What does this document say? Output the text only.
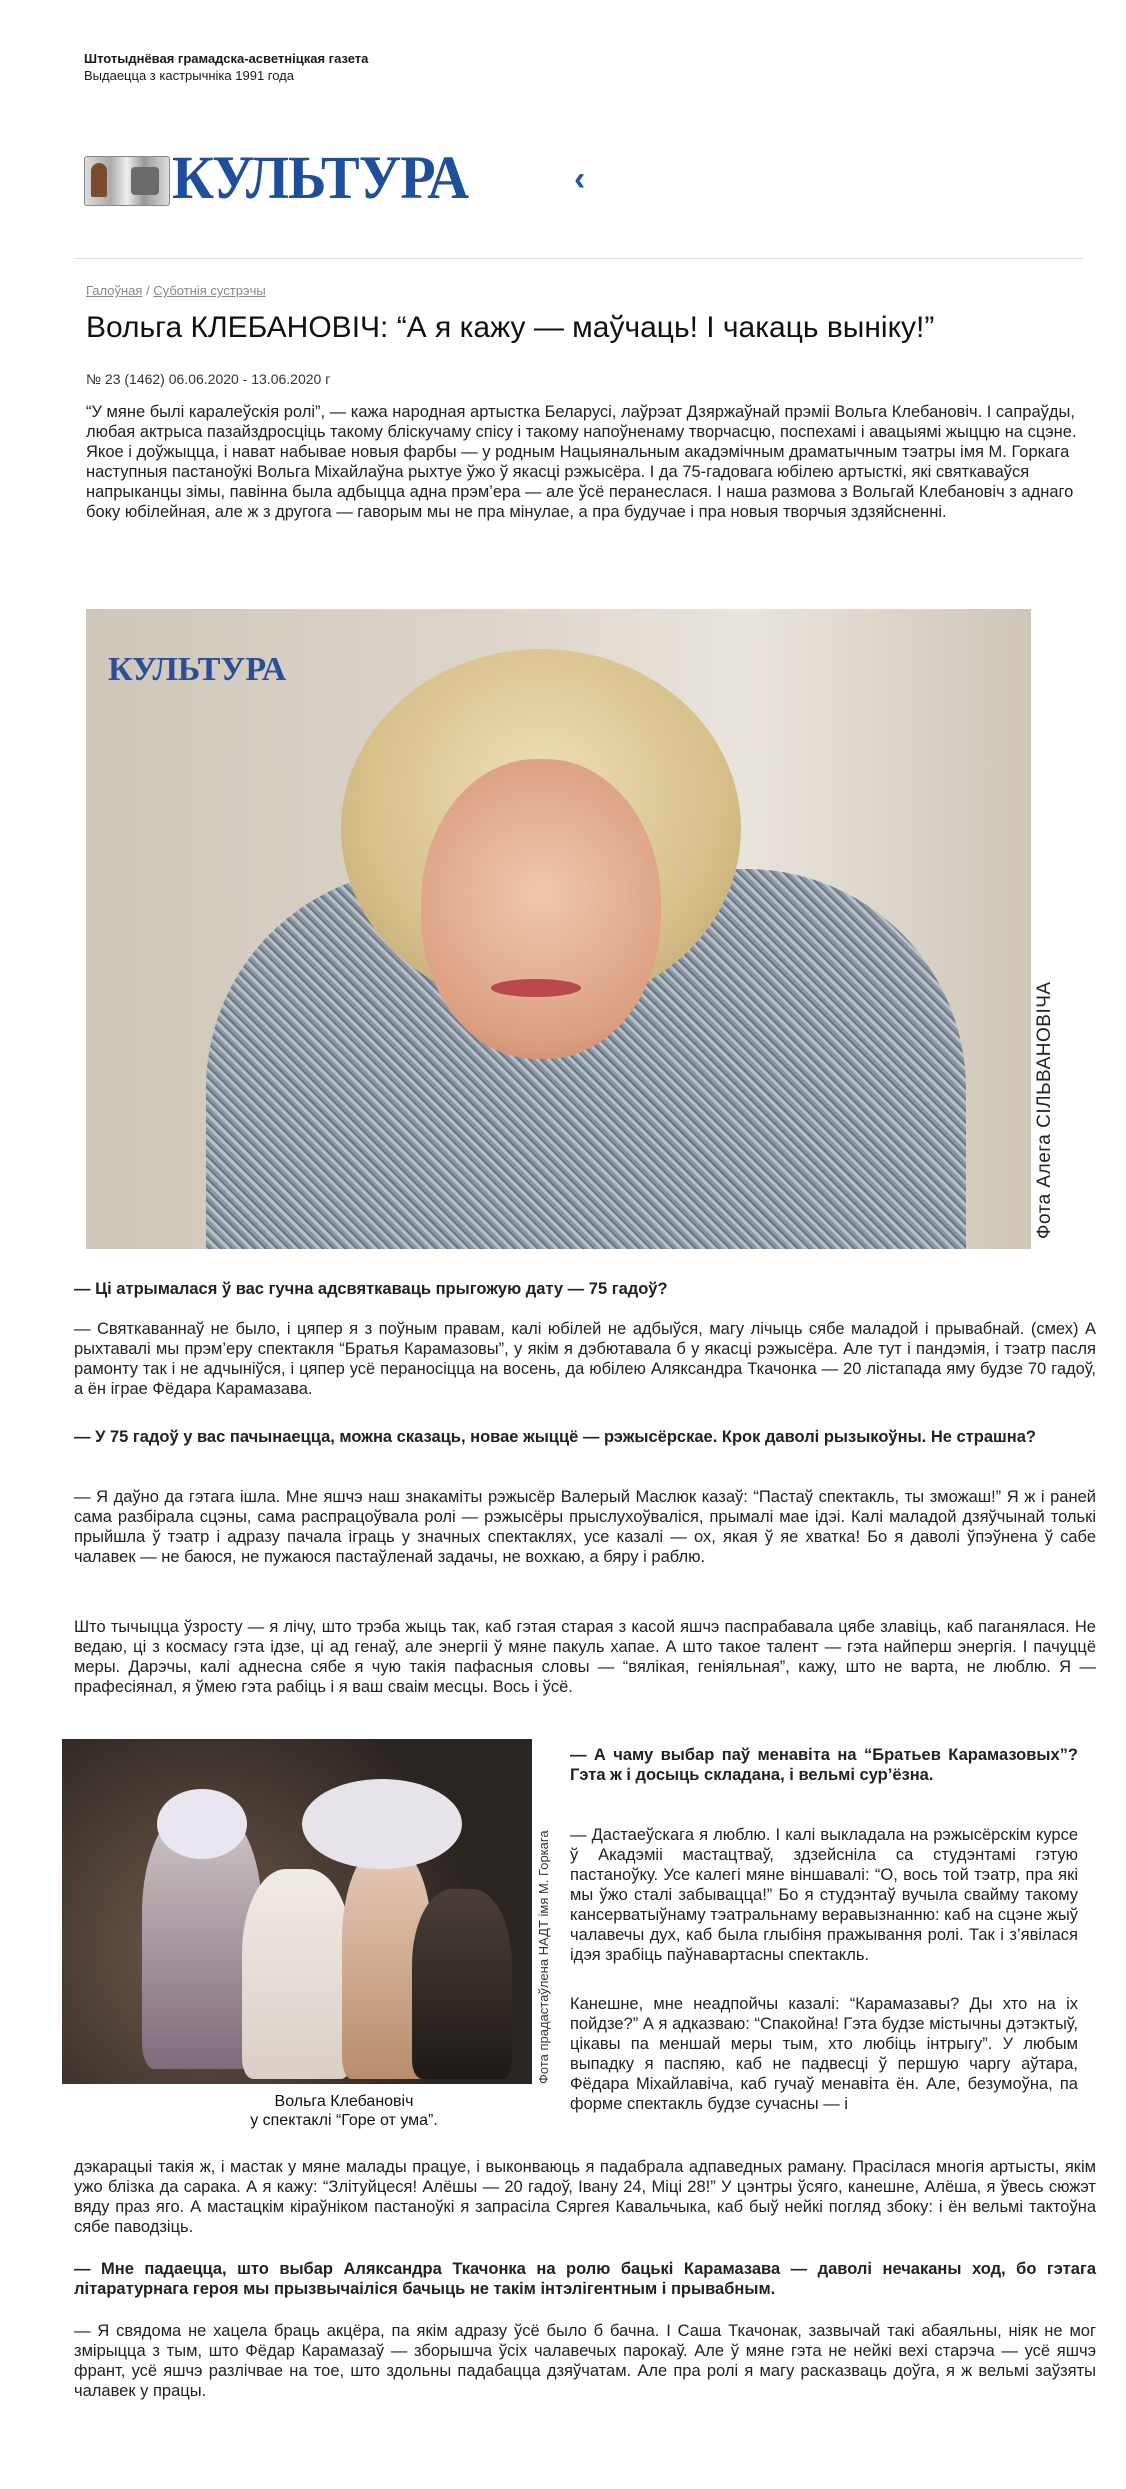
Штотыднёвая грамадска-асветніцкая газета
Выдаецца з кастрычніка 1991 года
КУЛЬТУРА	‹
Галоўная / Суботнія сустрэчы
Вольга КЛЕБАНОВІЧ: “А я кажу — маўчаць! І чакаць выніку!”
№ 23 (1462) 06.06.2020 - 13.06.2020 г

“У мяне былі каралеўскія ролі”, — кажа народная артыстка Беларусі, лаўрэат Дзяржаўнай прэміі Вольга Клебановіч. І сапраўды, любая актрыса пазайздросціць такому бліскучаму спісу і такому напоўненаму творчасцю, поспехамі і авацыямі жыццю на сцэне. Якое і доўжыцца, і нават набывае новыя фарбы — у родным Нацыянальным акадэмічным драматычным тэатры імя М. Горкага наступныя пастаноўкі Вольга Міхайлаўна рыхтуе ўжо ў якасці рэжысёра. І да 75-гадовага юбілею артысткі, які святкаваўся напрыканцы зімы, павінна была адбыцца адна прэм’ера — але ўсё перанеслася. І наша размова з Вольгай Клебановіч з аднаго боку юбілейная, але ж з другога — гаворым мы не пра мінулае, а пра будучае і пра новыя творчыя здзяйсненні.

КУЛЬТУРА
Фота Алега СІЛЬВАНОВІЧА

— Ці атрымалася ў вас гучна адсвяткаваць прыгожую дату — 75 гадоў?

— Святкаваннаў не было, і цяпер я з поўным правам, калі юбілей не адбыўся, магу лічыць сябе маладой і прывабнай. (смех) А рыхтавалі мы прэм’еру спектакля “Братья Карамазовы”, у якім я дэбютавала б у якасці рэжысёра. Але тут і пандэмія, і тэатр пасля рамонту так і не адчыніўся, і цяпер усё пераносіцца на восень, да юбілею Аляксандра Ткачонка — 20 лістапада яму будзе 70 гадоў, а ён іграе Фёдара Карамазава.

— У 75 гадоў у вас пачынаецца, можна сказаць, новае жыццё — рэжысёрскае. Крок даволі рызыкоўны. Не страшна?

— Я даўно да гэтага ішла. Мне яшчэ наш знакаміты рэжысёр Валерый Маслюк казаў: “Пастаў спектакль, ты зможаш!” Я ж і раней сама разбірала сцэны, сама распрацоўвала ролі — рэжысёры прыслухоўваліся, прымалі мае ідэі. Калі маладой дзяўчынай толькі прыйшла ў тэатр і адразу пачала іграць у значных спектаклях, усе казалі — ох, якая ў яе хватка! Бо я даволі ўпэўнена ў сабе чалавек — не баюся, не пужаюся пастаўленай задачы, не вохкаю, а бяру і раблю.

Што тычыцца ўзросту — я лічу, што трэба жыць так, каб гэтая старая з касой яшчэ паспрабавала цябе злавіць, каб паганялася. Не ведаю, ці з космасу гэта ідзе, ці ад генаў, але энергіі ў мяне пакуль хапае. А што такое талент — гэта найперш энергія. І пачуццё меры. Дарэчы, калі аднесна сябе я чую такія пафасныя словы — “вялікая, геніяльная”, кажу, што не варта, не люблю. Я — прафесіянал, я ўмею гэта рабіць і я ваш сваім месцы. Вось і ўсё.

Фота прадастаўлена НАДТ імя М. Горкага
Вольга Клебановіч
у спектаклі “Горе от ума”.

— А чаму выбар паў менавіта на “Братьев Карамазовых”? Гэта ж і досыць складана, і вельмі сур’ёзна.

— Дастаеўскага я люблю. І калі выкладала на рэжысёрскім курсе ў Акадэміі мастацтваў, здзейсніла са студэнтамі гэтую пастаноўку. Усе калегі мяне віншавалі: “О, вось той тэатр, пра які мы ўжо сталі забывацца!” Бо я студэнтаў вучыла свайму такому кансерватыўнаму тэатральнаму веравызнанню: каб на сцэне жыў чалавечы дух, каб была глыбіня пражывання ролі. Так і з’явілася ідэя зрабіць паўнавартасны спектакль.

Канешне, мне неадпойчы казалі: “Карамазавы? Ды хто на іх пойдзе?” А я адказваю: “Спакойна! Гэта будзе містычны дэтэктыў, цікавы па меншай меры тым, хто любіць інтрыгу”. У любым выпадку я паспяю, каб не падвесці ў першую чаргу аўтара, Фёдара Міхайлавіча, каб гучаў менавіта ён. Але, безумоўна, па форме спектакль будзе сучасны — і

дэкарацыі такія ж, і мастак у мяне малады працуе, і выконваюць я падабрала адпаведных раману. Прасілася многія артысты, якім ужо блізка да сарака. А я кажу: “Злітуйцеся! Алёшы — 20 гадоў, Івану 24, Міці 28!” У цэнтры ўсяго, канешне, Алёша, я ўвесь сюжэт вяду праз яго. А мастацкім кіраўніком пастаноўкі я запрасіла Сяргея Кавальчыка, каб быў нейкі погляд збоку: і ён вельмі тактоўна сябе паводзіць.

— Мне падаецца, што выбар Аляксандра Ткачонка на ролю бацькі Карамазава — даволі нечаканы ход, бо гэтага літаратурнага героя мы прызвычаіліся бачыць не такім інтэлігентным і прывабным.

— Я свядома не хацела браць акцёра, па якім адразу ўсё было б бачна. І Саша Ткачонак, зазвычай такі абаяльны, ніяк не мог змірыцца з тым, што Фёдар Карамазаў — зборышча ўсіх чалавечых парокаў. Але ў мяне гэта не нейкі вехі старэча — усё яшчэ франт, усё яшчэ разлічвае на тое, што здольны падабацца дзяўчатам. Але пра ролі я магу расказваць доўга, я ж вельмі заўзяты чалавек у працы.
